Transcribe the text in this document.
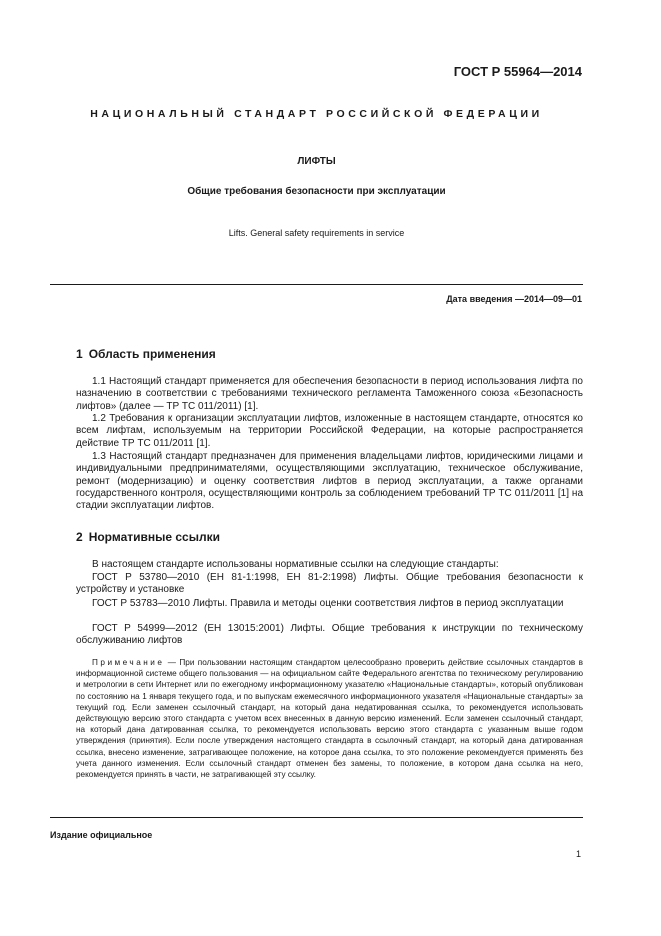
ГОСТ Р 55964—2014
НАЦИОНАЛЬНЫЙ СТАНДАРТ РОССИЙСКОЙ ФЕДЕРАЦИИ
ЛИФТЫ
Общие требования безопасности при эксплуатации
Lifts. General safety requirements in service
Дата введения —2014—09—01
1 Область применения
1.1 Настоящий стандарт применяется для обеспечения безопасности в период использования лифта по назначению в соответствии с требованиями технического регламента Таможенного союза «Безопасность лифтов» (далее — ТР ТС 011/2011) [1].
1.2 Требования к организации эксплуатации лифтов, изложенные в настоящем стандарте, относятся ко всем лифтам, используемым на территории Российской Федерации, на которые распространяется действие ТР ТС 011/2011 [1].
1.3 Настоящий стандарт предназначен для применения владельцами лифтов, юридическими лицами и индивидуальными предпринимателями, осуществляющими эксплуатацию, техническое обслуживание, ремонт (модернизацию) и оценку соответствия лифтов в период эксплуатации, а также органами государственного контроля, осуществляющими контроль за соблюдением требований ТР ТС 011/2011 [1] на стадии эксплуатации лифтов.
2 Нормативные ссылки
В настоящем стандарте использованы нормативные ссылки на следующие стандарты:
ГОСТ Р 53780—2010 (ЕН 81-1:1998, ЕН 81-2:1998) Лифты. Общие требования безопасности к устройству и установке
ГОСТ Р 53783—2010 Лифты. Правила и методы оценки соответствия лифтов в период эксплуатации
ГОСТ Р 54999—2012 (ЕН 13015:2001) Лифты. Общие требования к инструкции по техническому обслуживанию лифтов
Примечание — При пользовании настоящим стандартом целесообразно проверить действие ссылочных стандартов в информационной системе общего пользования — на официальном сайте Федерального агентства по техническому регулированию и метрологии в сети Интернет или по ежегодному информационному указателю «Национальные стандарты», который опубликован по состоянию на 1 января текущего года, и по выпускам ежемесячного информационного указателя «Национальные стандарты» за текущий год. Если заменен ссылочный стандарт, на который дана недатированная ссылка, то рекомендуется использовать действующую версию этого стандарта с учетом всех внесенных в данную версию изменений. Если заменен ссылочный стандарт, на который дана датированная ссылка, то рекомендуется использовать версию этого стандарта с указанным выше годом утверждения (принятия). Если после утверждения настоящего стандарта в ссылочный стандарт, на который дана датированная ссылка, внесено изменение, затрагивающее положение, на которое дана ссылка, то это положение рекомендуется применять без учета данного изменения. Если ссылочный стандарт отменен без замены, то положение, в котором дана ссылка на него, рекомендуется принять в части, не затрагивающей эту ссылку.
Издание официальное
1
